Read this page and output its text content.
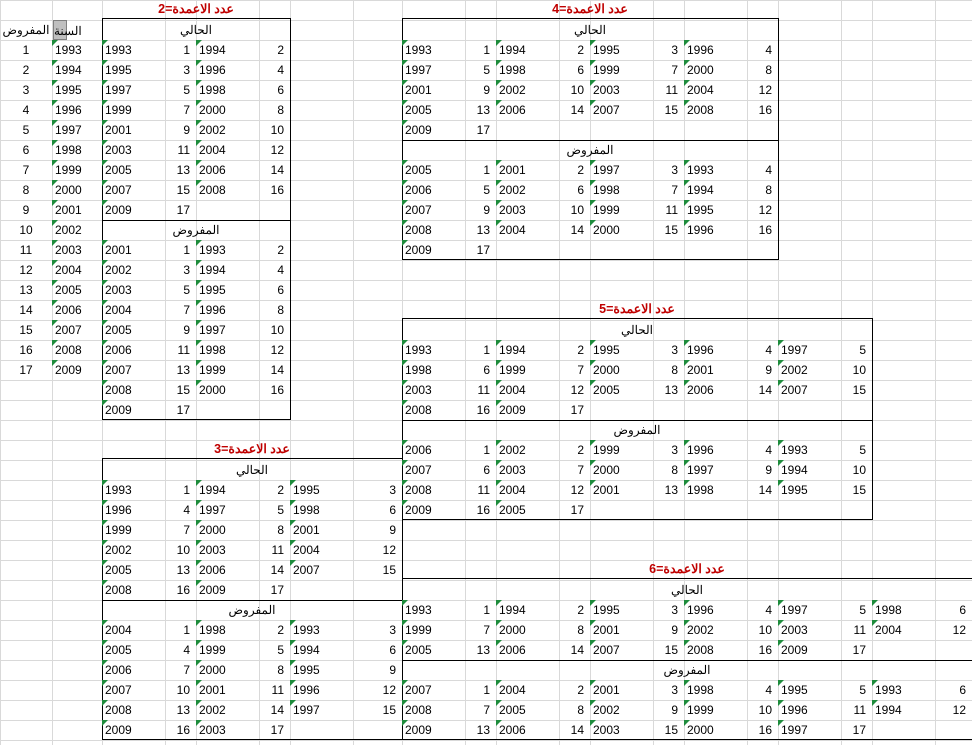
المفروض السنة
1	1993
2	1994
3	1995
4	1996
5	1997
6	1998
7	1999
8	2000
9	2001
10	2002
11	2003
12	2004
13	2005
14	2006
15	2007
16	2008
17	2009
عدد الاعمدة=2
الحالي
المفروض
1993	1 1994	2
1995	3 1996	4
1997	5 1998	6
1999	7 2000	8
2001	9 2002	10
2003	11 2004	12
2005	13 2006	14
2007	15 2008	16
2009	17
2001	1 1993	2
2002	3 1994	4
2003	5 1995	6
2004	7 1996	8
2005	9 1997	10
2006	11 1998	12
2007	13 1999	14
2008	15 2000	16
2009	17
عدد الاعمدة=3
الحالي
المفروض
1993	1 1994	2 1995	3
1996	4 1997	5 1998	6
1999	7 2000	8 2001	9
2002	10 2003	11 2004	12
2005	13 2006	14 2007	15
2008	16 2009	17
2004	1 1998	2 1993	3
2005	4 1999	5 1994	6
2006	7 2000	8 1995	9
2007	10 2001	11 1996	12
2008	13 2002	14 1997	15
2009	16 2003	17
عدد الاعمدة=4
الحالي
المفروض
1993	1 1994	2 1995	3 1996	4
1997	5 1998	6 1999	7 2000	8
2001	9 2002	10 2003	11 2004	12
2005	13 2006	14 2007	15 2008	16
2009	17
2005	1 2001	2 1997	3 1993	4
2006	5 2002	6 1998	7 1994	8
2007	9 2003	10 1999	11 1995	12
2008	13 2004	14 2000	15 1996	16
2009	17
عدد الاعمدة=5
الحالي
المفروض
1993	1 1994	2 1995	3 1996	4 1997	5
1998	6 1999	7 2000	8 2001	9 2002	10
2003	11 2004	12 2005	13 2006	14 2007	15
2008	16 2009	17
2006	1 2002	2 1999	3 1996	4 1993	5
2007	6 2003	7 2000	8 1997	9 1994	10
2008	11 2004	12 2001	13 1998	14 1995	15
2009	16 2005	17
عدد الاعمدة=6
الحالي
المفروض
1993	1 1994	2 1995	3 1996	4 1997	5 1998	6
1999	7 2000	8 2001	9 2002	10 2003	11 2004	12
2005	13 2006	14 2007	15 2008	16 2009	17
2007	1 2004	2 2001	3 1998	4 1995	5 1993	6
2008	7 2005	8 2002	9 1999	10 1996	11 1994	12
2009	13 2006	14 2003	15 2000	16 1997	17
